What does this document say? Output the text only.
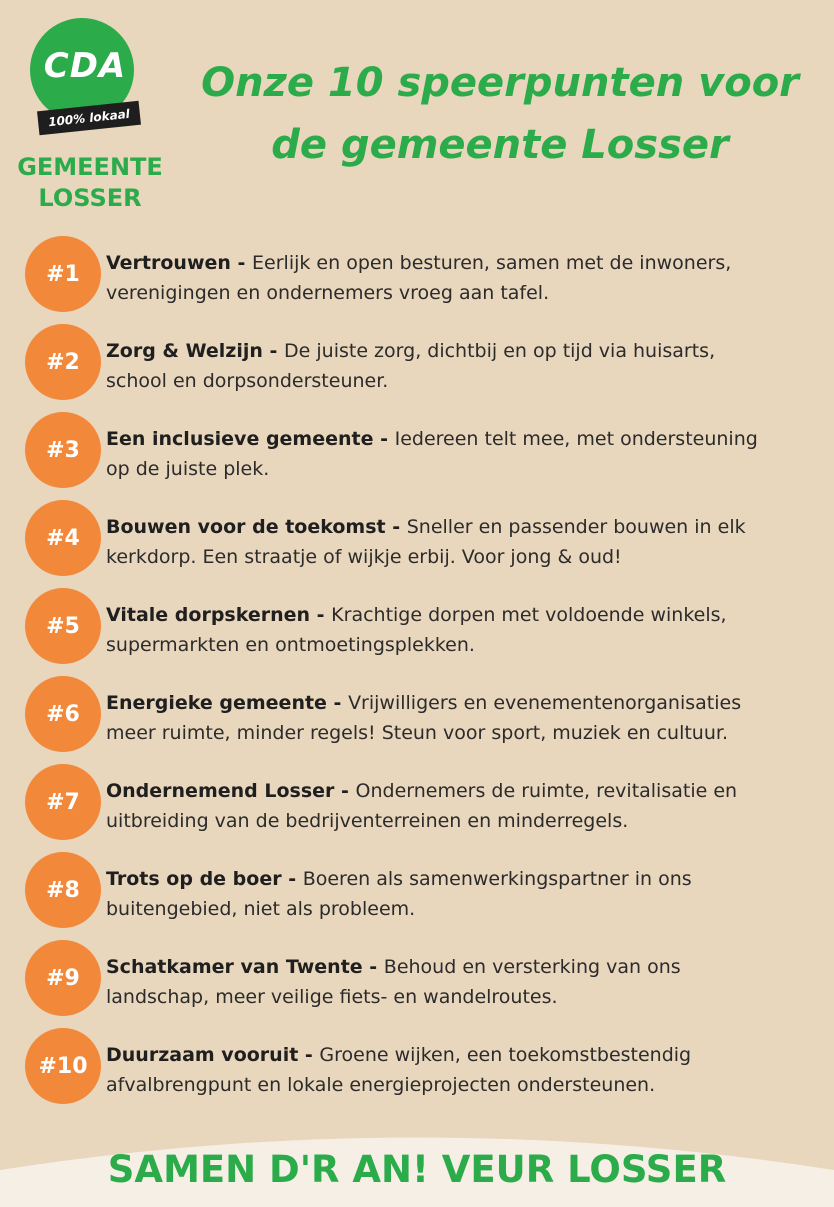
CDA
100% lokaal
GEMEENTE
LOSSER
Onze 10 speerpunten voor
de gemeente Losser
#1	Vertrouwen - Eerlijk en open besturen, samen met de inwoners,
verenigingen en ondernemers vroeg aan tafel.
#2	Zorg & Welzijn - De juiste zorg, dichtbij en op tijd via huisarts,
school en dorpsondersteuner.
#3	Een inclusieve gemeente - Iedereen telt mee, met ondersteuning
op de juiste plek.
#4	Bouwen voor de toekomst - Sneller en passender bouwen in elk
kerkdorp. Een straatje of wijkje erbij. Voor jong & oud!
#5	Vitale dorpskernen - Krachtige dorpen met voldoende winkels,
supermarkten en ontmoetingsplekken.
#6	Energieke gemeente - Vrijwilligers en evenementenorganisaties
meer ruimte, minder regels! Steun voor sport, muziek en cultuur.
#7	Ondernemend Losser - Ondernemers de ruimte, revitalisatie en
uitbreiding van de bedrijventerreinen en minderregels.
#8	Trots op de boer - Boeren als samenwerkingspartner in ons
buitengebied, niet als probleem.
#9	Schatkamer van Twente - Behoud en versterking van ons
landschap, meer veilige fiets- en wandelroutes.
#10 Duurzaam vooruit - Groene wijken, een toekomstbestendig
afvalbrengpunt en lokale energieprojecten ondersteunen.
SAMEN D'R AN! VEUR LOSSER
